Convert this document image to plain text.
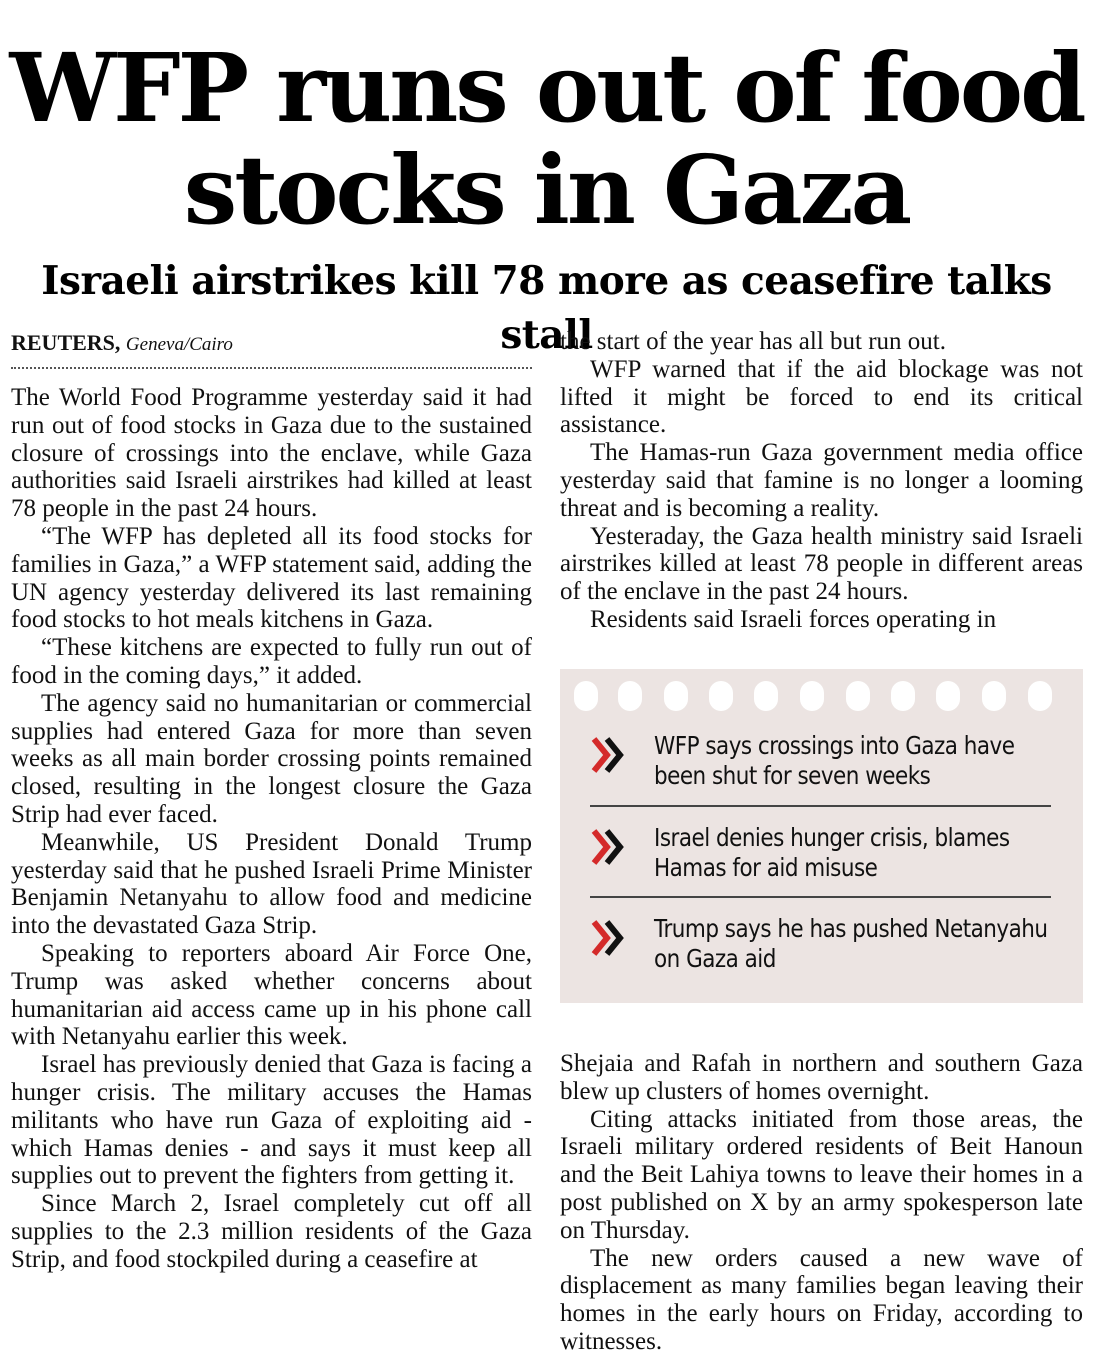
WFP runs out of food
stocks in Gaza
Israeli airstrikes kill 78 more as ceasefire talks stall
REUTERS, Geneva/Cairo

The World Food Programme yesterday said it had run out of food stocks in Gaza due to the sustained closure of crossings into the enclave, while Gaza authorities said Israeli airstrikes had killed at least 78 people in the past 24 hours.

“The WFP has depleted all its food stocks for families in Gaza,” a WFP statement said, adding the UN agency yesterday delivered its last remaining food stocks to hot meals kitchens in Gaza.

“These kitchens are expected to fully run out of food in the coming days,” it added.

The agency said no humanitarian or commercial supplies had entered Gaza for more than seven weeks as all main border crossing points remained closed, resulting in the longest closure the Gaza Strip had ever faced.

Meanwhile, US President Donald Trump yesterday said that he pushed Israeli Prime Minister Benjamin Netanyahu to allow food and medicine into the devastated Gaza Strip.

Speaking to reporters aboard Air Force One, Trump was asked whether concerns about humanitarian aid access came up in his phone call with Netanyahu earlier this week.

Israel has previously denied that Gaza is facing a hunger crisis. The military accuses the Hamas militants who have run Gaza of exploiting aid - which Hamas denies - and says it must keep all supplies out to prevent the fighters from getting it.

Since March 2, Israel completely cut off all supplies to the 2.3 million residents of the Gaza Strip, and food stockpiled during a ceasefire at

the start of the year has all but run out.

WFP warned that if the aid blockage was not lifted it might be forced to end its critical assistance.

The Hamas-run Gaza government media office yesterday said that famine is no longer a looming threat and is becoming a reality.

Yesteraday, the Gaza health ministry said Israeli airstrikes killed at least 78 people in different areas of the enclave in the past 24 hours.

Residents said Israeli forces operating in

WFP says crossings into Gaza have
been shut for seven weeks
Israel denies hunger crisis, blames
Hamas for aid misuse
Trump says he has pushed Netanyahu
on Gaza aid

Shejaia and Rafah in northern and southern Gaza blew up clusters of homes overnight.

Citing attacks initiated from those areas, the Israeli military ordered residents of Beit Hanoun and the Beit Lahiya towns to leave their homes in a post published on X by an army spokesperson late on Thursday.

The new orders caused a new wave of displacement as many families began leaving their homes in the early hours on Friday, according to witnesses.
